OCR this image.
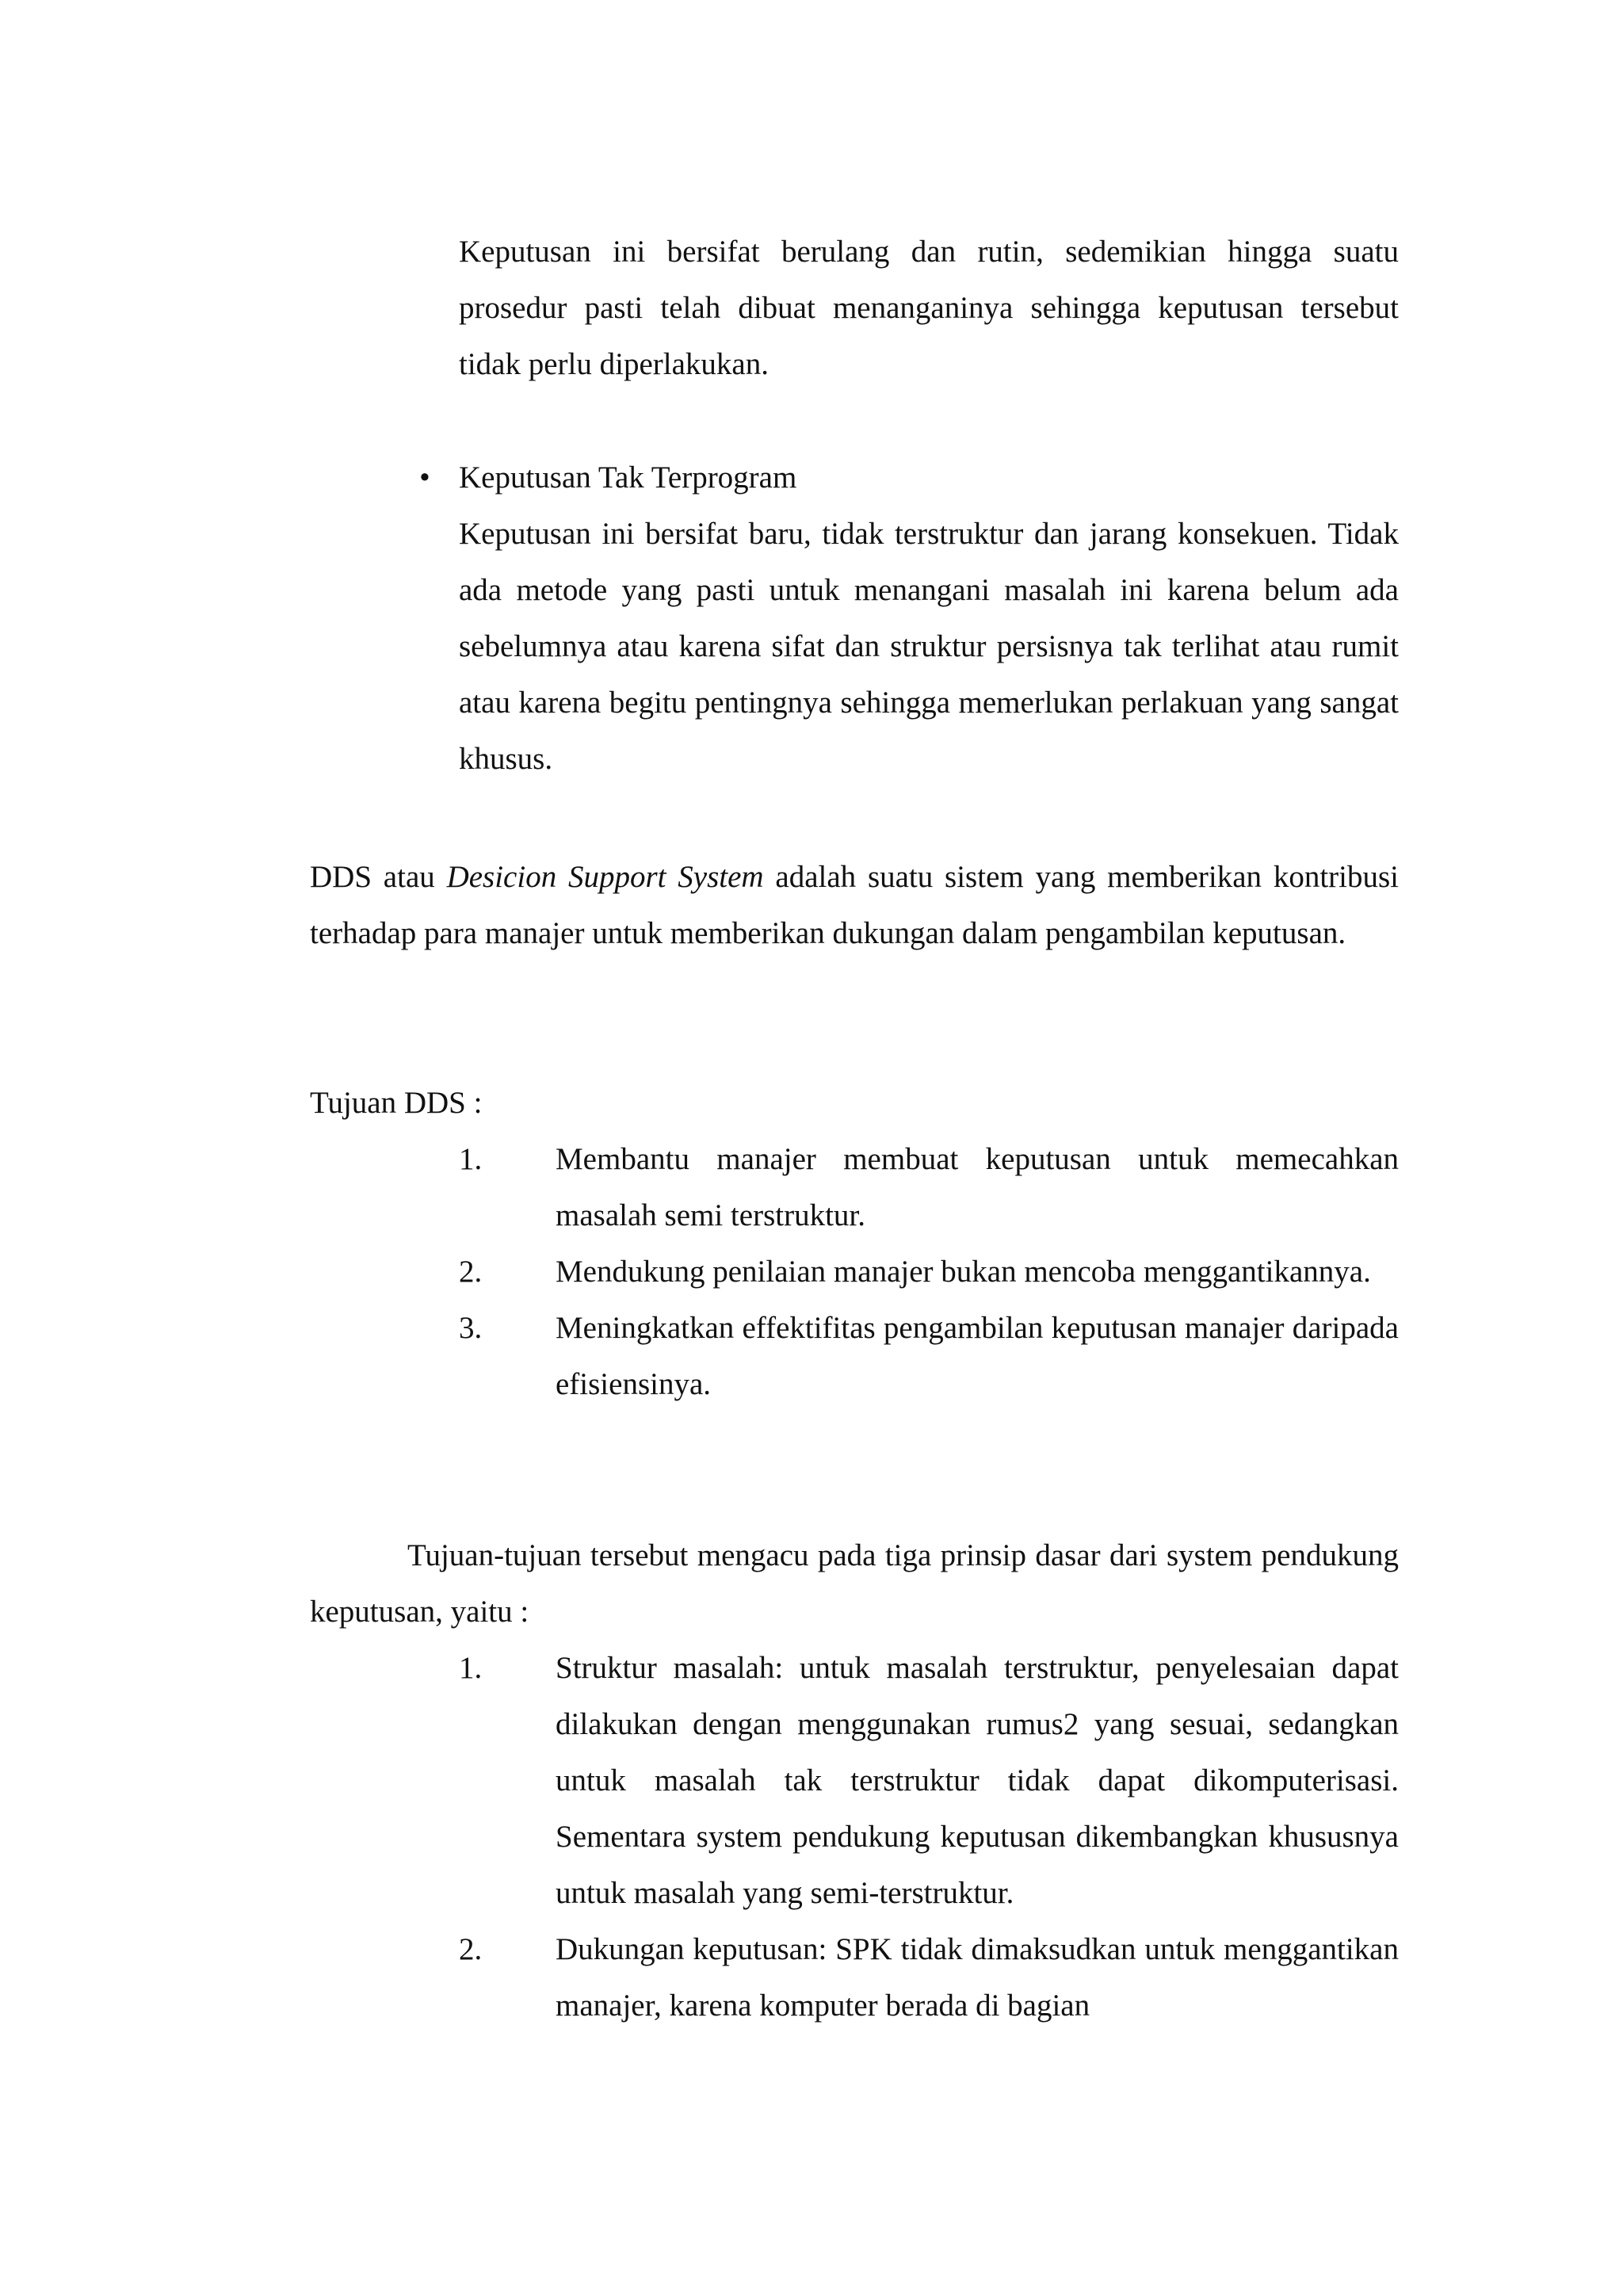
Keputusan ini bersifat berulang dan rutin, sedemikian hingga suatu prosedur pasti telah dibuat menanganinya sehingga keputusan tersebut tidak perlu diperlakukan.
• Keputusan Tak Terprogram
Keputusan ini bersifat baru, tidak terstruktur dan jarang konsekuen. Tidak ada metode yang pasti untuk menangani masalah ini karena belum ada sebelumnya atau karena sifat dan struktur persisnya tak terlihat atau rumit atau karena begitu pentingnya sehingga memerlukan perlakuan yang sangat khusus.
DDS atau Desicion Support System adalah suatu sistem yang memberikan kontribusi terhadap para manajer untuk memberikan dukungan dalam pengambilan keputusan.
Tujuan DDS :
1.	Membantu manajer membuat keputusan untuk memecahkan masalah semi terstruktur.
2.	Mendukung penilaian manajer bukan mencoba menggantikannya.
3.	Meningkatkan effektifitas pengambilan keputusan manajer daripada efisiensinya.
Tujuan-tujuan tersebut mengacu pada tiga prinsip dasar dari system pendukung keputusan, yaitu :
1.	Struktur masalah: untuk masalah terstruktur, penyelesaian dapat dilakukan dengan menggunakan rumus2 yang sesuai, sedangkan untuk masalah tak terstruktur tidak dapat dikomputerisasi. Sementara system pendukung keputusan dikembangkan khususnya untuk masalah yang semi-terstruktur.
2.	Dukungan keputusan: SPK tidak dimaksudkan untuk menggantikan manajer, karena komputer berada di bagian
